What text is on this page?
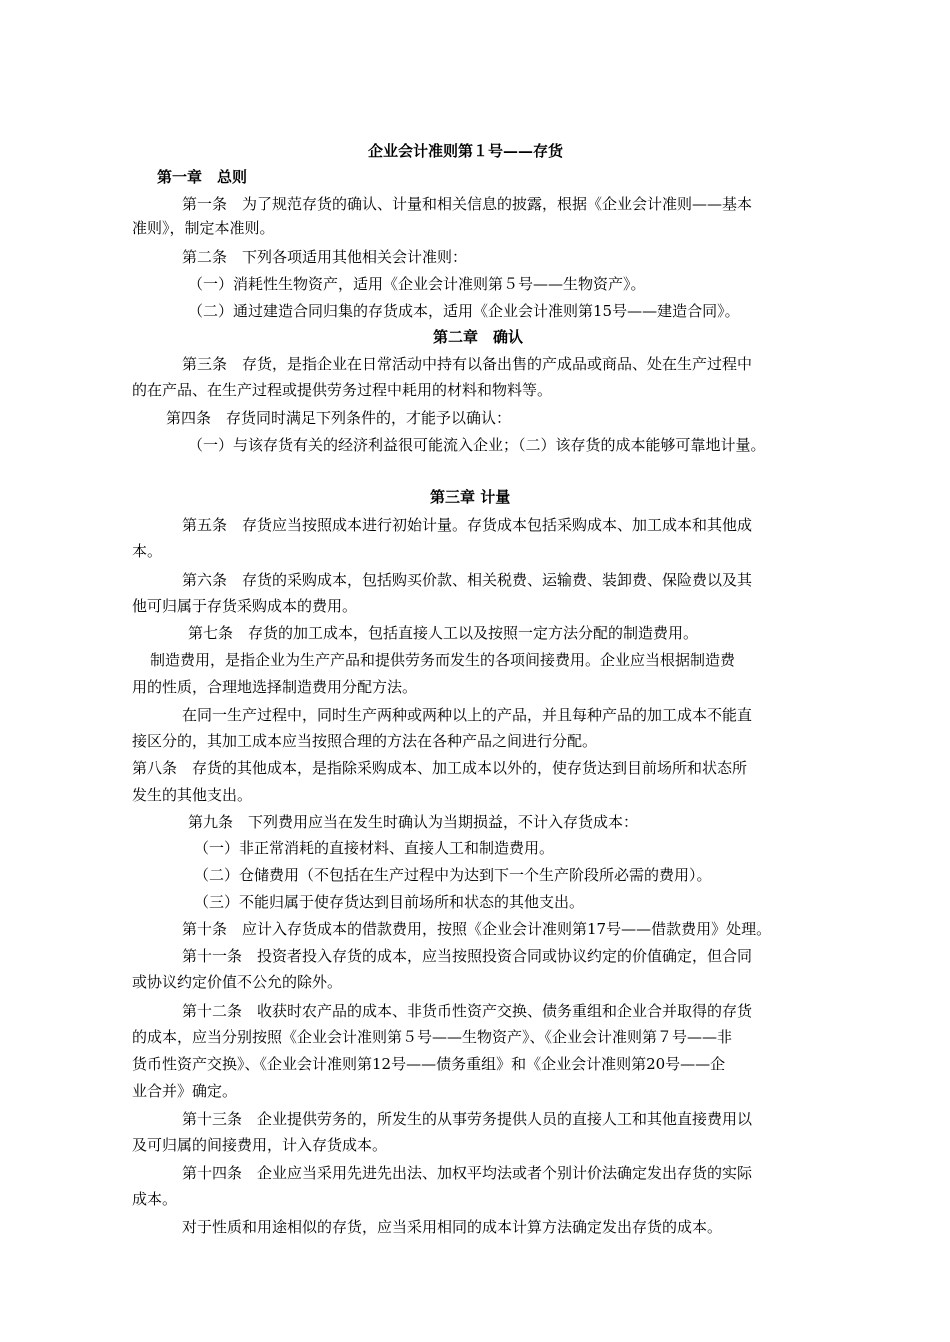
企业会计准则第１号——存货
第一章　总则
第一条　为了规范存货的确认、计量和相关信息的披露，根据《企业会计准则——基本
准则》，制定本准则。
第二条　下列各项适用其他相关会计准则：
（一）消耗性生物资产，适用《企业会计准则第５号——生物资产》。
（二）通过建造合同归集的存货成本，适用《企业会计准则第15号——建造合同》。
第二章　确认
第三条　存货，是指企业在日常活动中持有以备出售的产成品或商品、处在生产过程中
的在产品、在生产过程或提供劳务过程中耗用的材料和物料等。
第四条　存货同时满足下列条件的，才能予以确认：
（一）与该存货有关的经济利益很可能流入企业；（二）该存货的成本能够可靠地计量。
第三章 计量
第五条　存货应当按照成本进行初始计量。存货成本包括采购成本、加工成本和其他成
本。
第六条　存货的采购成本，包括购买价款、相关税费、运输费、装卸费、保险费以及其
他可归属于存货采购成本的费用。
第七条　存货的加工成本，包括直接人工以及按照一定方法分配的制造费用。
制造费用，是指企业为生产产品和提供劳务而发生的各项间接费用。企业应当根据制造费
用的性质，合理地选择制造费用分配方法。
在同一生产过程中，同时生产两种或两种以上的产品，并且每种产品的加工成本不能直
接区分的，其加工成本应当按照合理的方法在各种产品之间进行分配。
第八条　存货的其他成本，是指除采购成本、加工成本以外的，使存货达到目前场所和状态所
发生的其他支出。
第九条　下列费用应当在发生时确认为当期损益，不计入存货成本：
（一）非正常消耗的直接材料、直接人工和制造费用。
（二）仓储费用（不包括在生产过程中为达到下一个生产阶段所必需的费用）。
（三）不能归属于使存货达到目前场所和状态的其他支出。
第十条　应计入存货成本的借款费用，按照《企业会计准则第17号——借款费用》处理。
第十一条　投资者投入存货的成本，应当按照投资合同或协议约定的价值确定，但合同
或协议约定价值不公允的除外。
第十二条　收获时农产品的成本、非货币性资产交换、债务重组和企业合并取得的存货
的成本，应当分别按照《企业会计准则第５号——生物资产》、《企业会计准则第７号——非
货币性资产交换》、《企业会计准则第12号——债务重组》和《企业会计准则第20号——企
业合并》确定。
第十三条　企业提供劳务的，所发生的从事劳务提供人员的直接人工和其他直接费用以
及可归属的间接费用，计入存货成本。
第十四条　企业应当采用先进先出法、加权平均法或者个别计价法确定发出存货的实际
成本。
对于性质和用途相似的存货，应当采用相同的成本计算方法确定发出存货的成本。
